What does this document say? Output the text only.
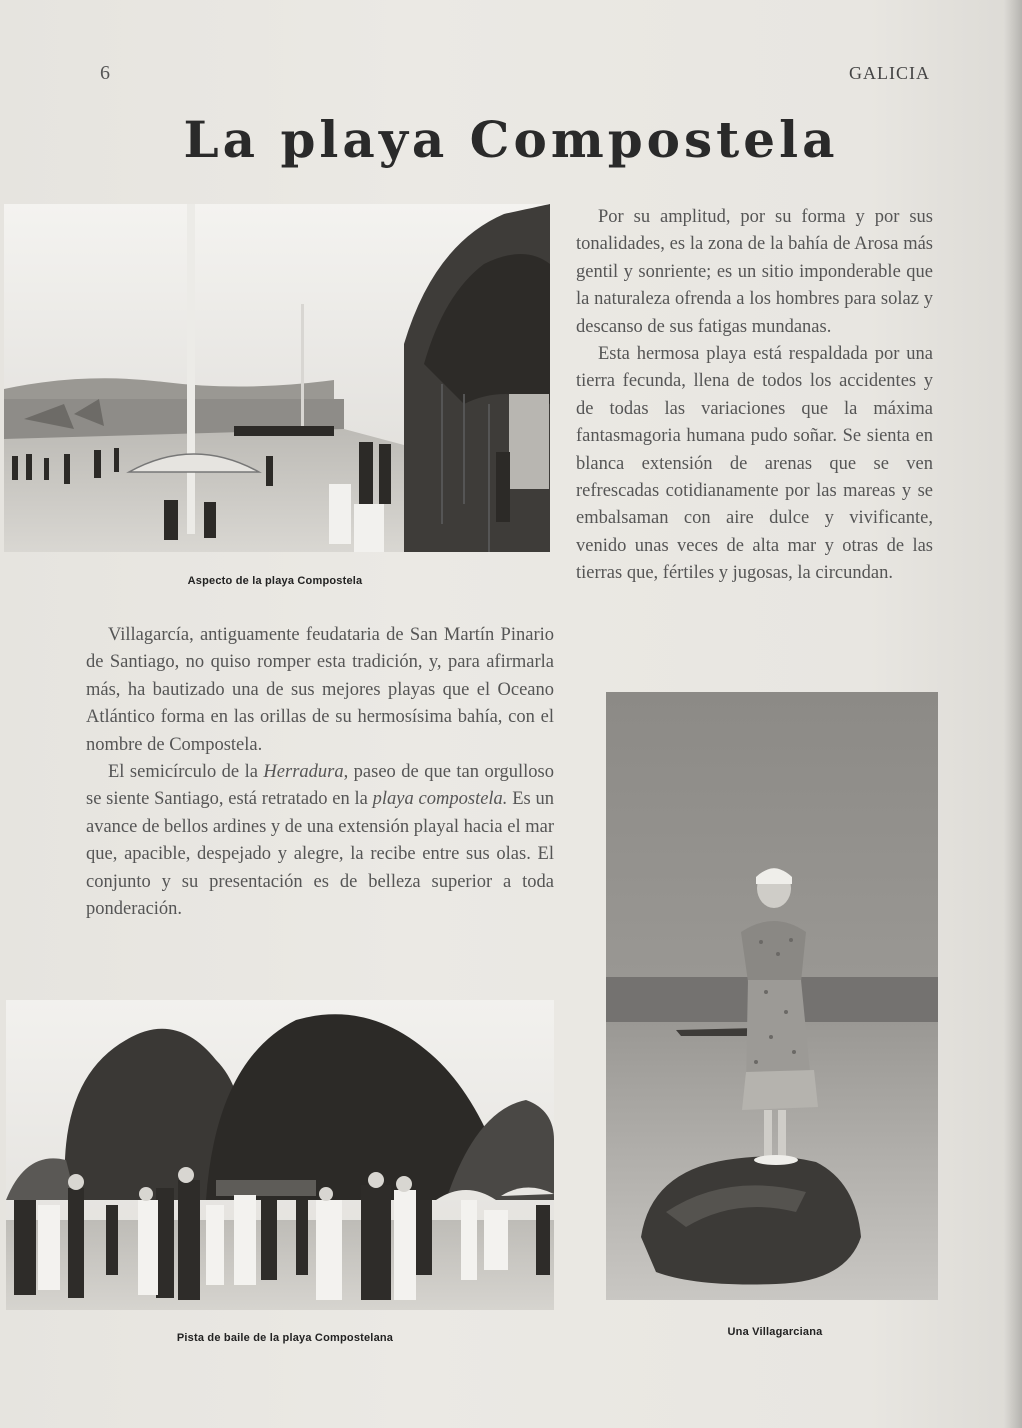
6	GALICIA
La playa Compostela
Aspecto de la playa Compostela

Villagarcía, antiguamente feudataria de San Martín Pinario de Santiago, no quiso romper esta tradición, y, para afirmarla más, ha bautizado una de sus mejores playas que el Oceano Atlántico forma en las orillas de su hermosísima bahía, con el nombre de Compostela.

El semicírculo de la Herradura, paseo de que tan orgulloso se siente Santiago, está retratado en la playa compostela. Es un avance de bellos ardines y de una extensión playal hacia el mar que, apacible, despejado y alegre, la recibe entre sus olas. El conjunto y su presentación es de belleza superior a toda ponderación.

Por su amplitud, por su forma y por sus tonalidades, es la zona de la bahía de Arosa más gentil y sonriente; es un sitio imponderable que la naturaleza ofrenda a los hombres para solaz y descanso de sus fatigas mundanas.

Esta hermosa playa está respaldada por una tierra fecunda, llena de todos los accidentes y de todas las variaciones que la máxima fantasmagoria humana pudo soñar. Se sienta en blanca extensión de arenas que se ven refrescadas cotidianamente por las mareas y se embalsaman con aire dulce y vivificante, venido unas veces de alta mar y otras de las tierras que, fértiles y jugosas, la circundan.

Una Villagarciana
Pista de baile de la playa Compostelana
